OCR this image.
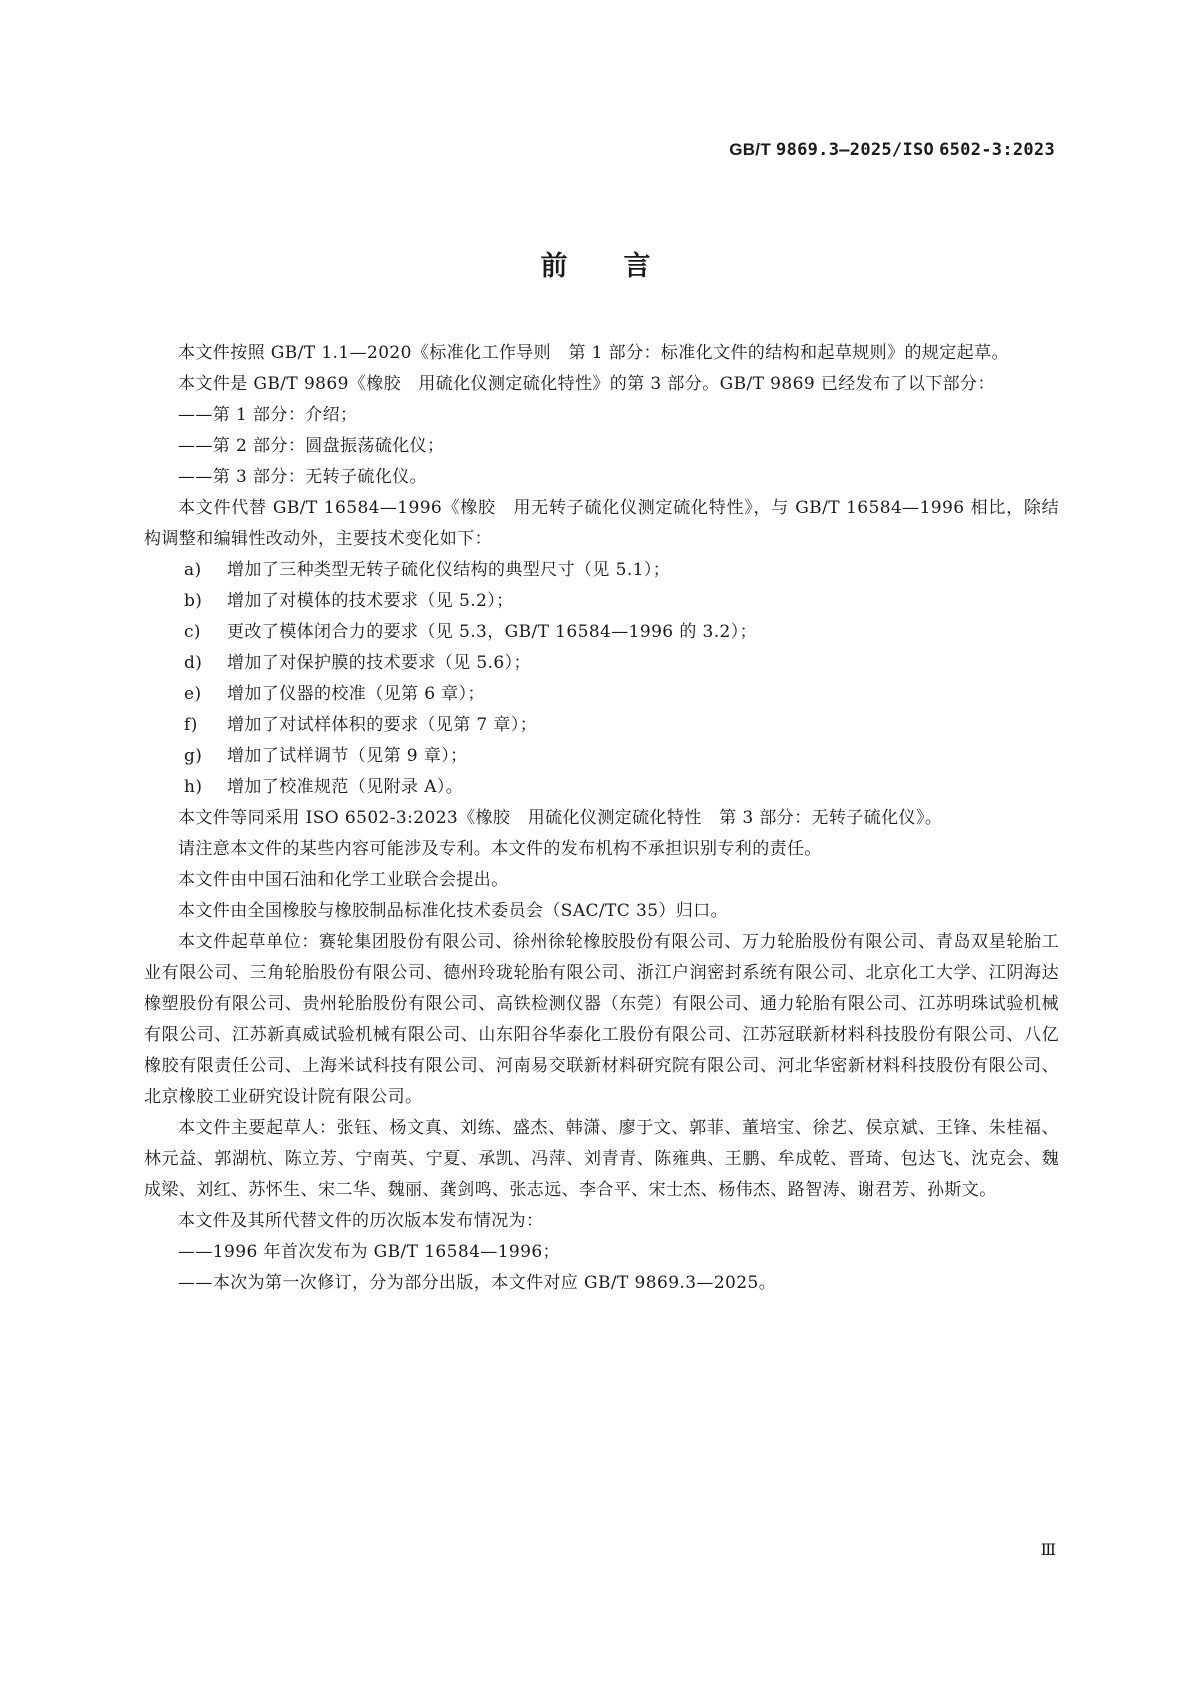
GB/T 9869.3—2025/ISO 6502-3:2023
前言

本文件按照 GB/T 1.1—2020《标准化工作导则　第 1 部分：标准化文件的结构和起草规则》的规定起草。

本文件是 GB/T 9869《橡胶　用硫化仪测定硫化特性》的第 3 部分。GB/T 9869 已经发布了以下部分：

——第 1 部分：介绍；

——第 2 部分：圆盘振荡硫化仪；

——第 3 部分：无转子硫化仪。

本文件代替 GB/T 16584—1996《橡胶　用无转子硫化仪测定硫化特性》，与 GB/T 16584—1996 相比，除结构调整和编辑性改动外，主要技术变化如下：

a) 增加了三种类型无转子硫化仪结构的典型尺寸（见 5.1）；

b) 增加了对模体的技术要求（见 5.2）；

c) 更改了模体闭合力的要求（见 5.3，GB/T 16584—1996 的 3.2）；

d) 增加了对保护膜的技术要求（见 5.6）；

e) 增加了仪器的校准（见第 6 章）；

f) 增加了对试样体积的要求（见第 7 章）；

g) 增加了试样调节（见第 9 章）；

h) 增加了校准规范（见附录 A）。

本文件等同采用 ISO 6502-3:2023《橡胶　用硫化仪测定硫化特性　第 3 部分：无转子硫化仪》。

请注意本文件的某些内容可能涉及专利。本文件的发布机构不承担识别专利的责任。

本文件由中国石油和化学工业联合会提出。

本文件由全国橡胶与橡胶制品标准化技术委员会（SAC/TC 35）归口。

本文件起草单位：赛轮集团股份有限公司、徐州徐轮橡胶股份有限公司、万力轮胎股份有限公司、青岛双星轮胎工业有限公司、三角轮胎股份有限公司、德州玲珑轮胎有限公司、浙江户润密封系统有限公司、北京化工大学、江阴海达橡塑股份有限公司、贵州轮胎股份有限公司、高铁检测仪器（东莞）有限公司、通力轮胎有限公司、江苏明珠试验机械有限公司、江苏新真威试验机械有限公司、山东阳谷华泰化工股份有限公司、江苏冠联新材料科技股份有限公司、八亿橡胶有限责任公司、上海米试科技有限公司、河南易交联新材料研究院有限公司、河北华密新材料科技股份有限公司、北京橡胶工业研究设计院有限公司。

本文件主要起草人：张钰、杨文真、刘练、盛杰、韩潇、廖于文、郭菲、董培宝、徐艺、侯京斌、王锋、朱桂福、林元益、郭湖杭、陈立芳、宁南英、宁夏、承凯、冯萍、刘青青、陈雍典、王鹏、牟成乾、晋琦、包达飞、沈克会、魏成梁、刘红、苏怀生、宋二华、魏丽、龚剑鸣、张志远、李合平、宋士杰、杨伟杰、路智涛、谢君芳、孙斯文。

本文件及其所代替文件的历次版本发布情况为：

——1996 年首次发布为 GB/T 16584—1996；

——本次为第一次修订，分为部分出版，本文件对应 GB/T 9869.3—2025。

Ⅲ
